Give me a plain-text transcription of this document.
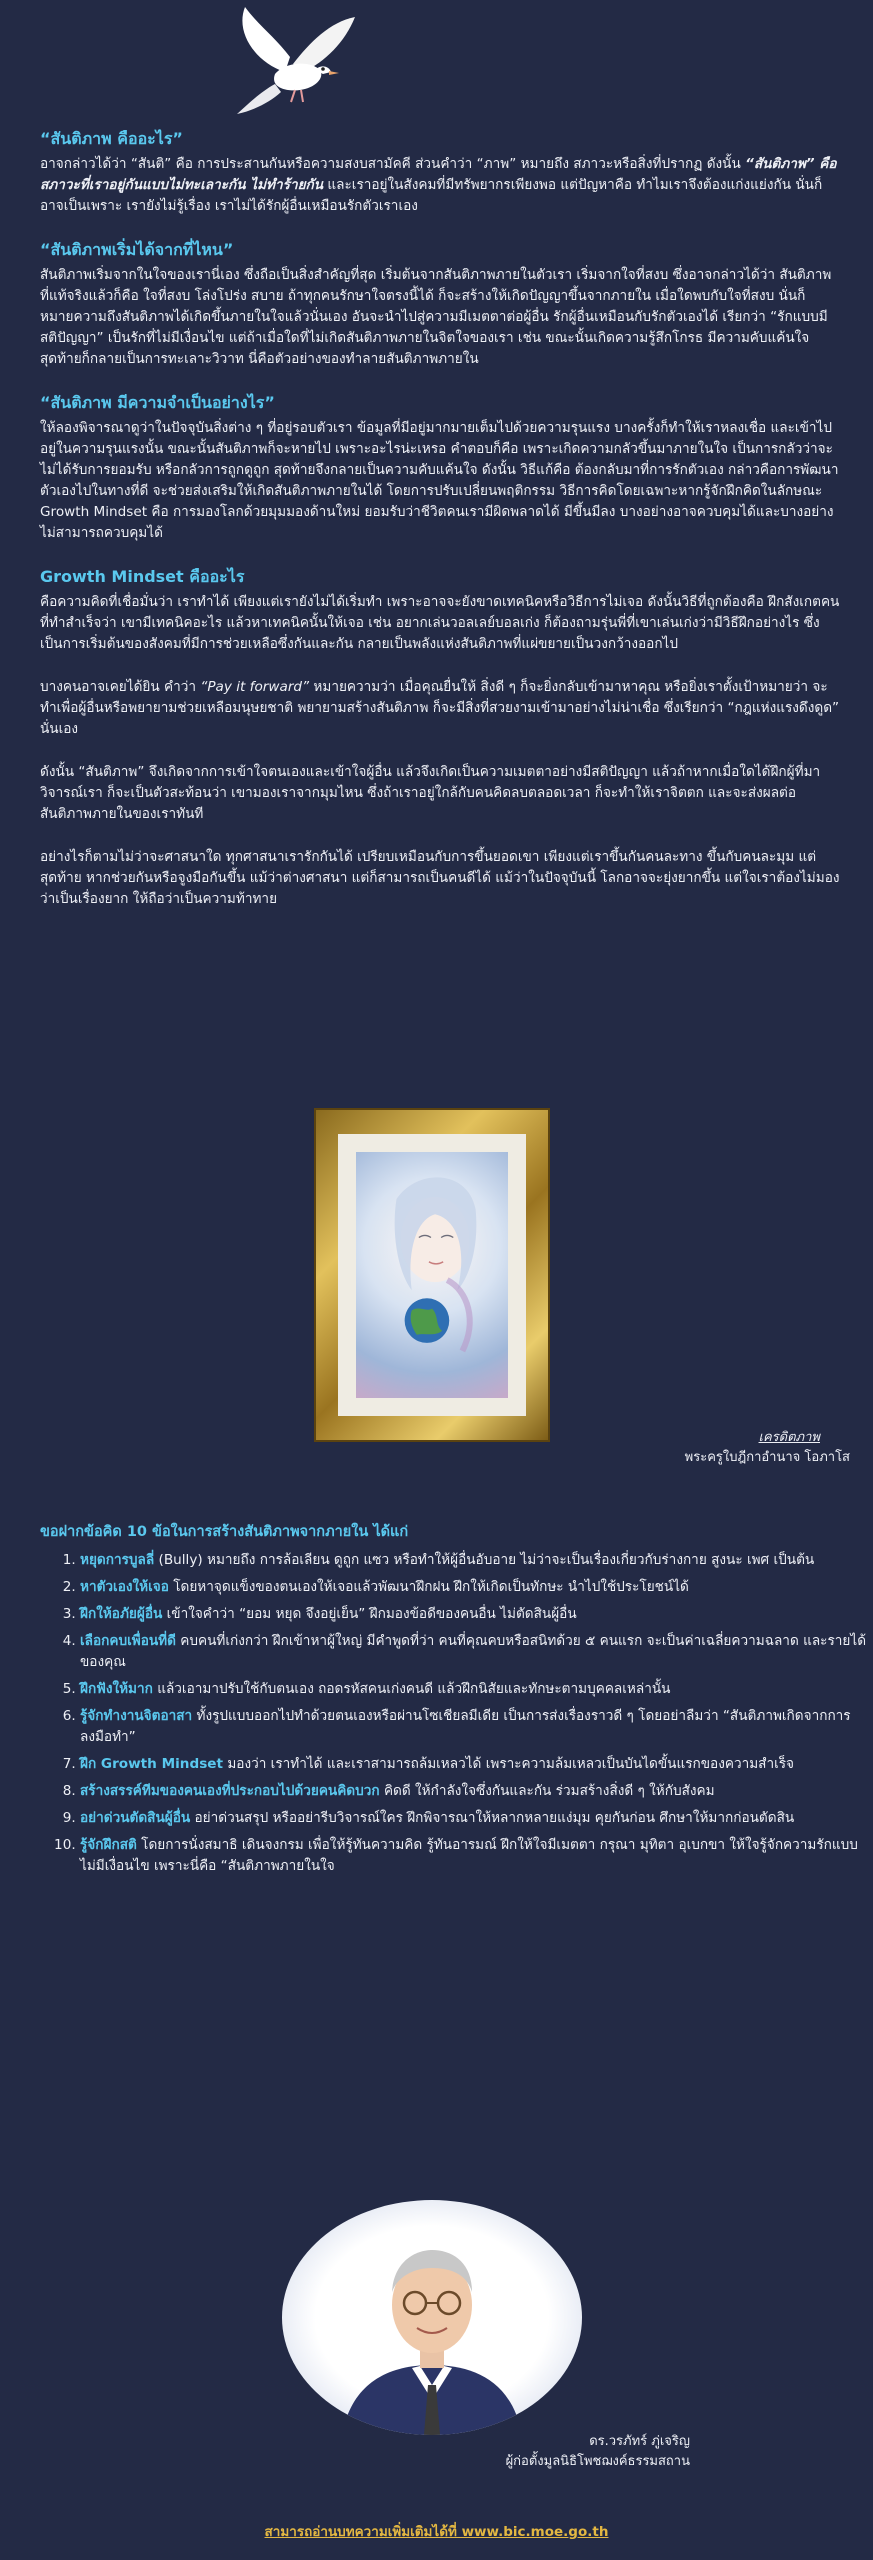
“สันติภาพ คืออะไร”

อาจกล่าวได้ว่า “สันติ” คือ การประสานกันหรือความสงบสามัคคี ส่วนคำว่า “ภาพ” หมายถึง สภาวะหรือสิ่งที่ปรากฏ ดังนั้น “สันติภาพ” คือ สภาวะที่เราอยู่กันแบบไม่ทะเลาะกัน ไม่ทำร้ายกัน และเราอยู่ในสังคมที่มีทรัพยากรเพียงพอ แต่ปัญหาคือ ทำไมเราจึงต้องแก่งแย่งกัน นั่นก็อาจเป็นเพราะ เรายังไม่รู้เรื่อง เราไม่ได้รักผู้อื่นเหมือนรักตัวเราเอง

“สันติภาพเริ่มได้จากที่ไหน”

สันติภาพเริ่มจากในใจของเรานี่เอง ซึ่งถือเป็นสิ่งสำคัญที่สุด เริ่มต้นจากสันติภาพภายในตัวเรา เริ่มจากใจที่สงบ ซึ่งอาจกล่าวได้ว่า สันติภาพที่แท้จริงแล้วก็คือ ใจที่สงบ โล่งโปร่ง สบาย ถ้าทุกคนรักษาใจตรงนี้ได้ ก็จะสร้างให้เกิดปัญญาขึ้นจากภายใน เมื่อใดพบกับใจที่สงบ นั่นก็หมายความถึงสันติภาพได้เกิดขึ้นภายในใจแล้วนั่นเอง อันจะนำไปสู่ความมีเมตตาต่อผู้อื่น รักผู้อื่นเหมือนกับรักตัวเองได้ เรียกว่า “รักแบบมีสติปัญญา” เป็นรักที่ไม่มีเงื่อนไข แต่ถ้าเมื่อใดที่ไม่เกิดสันติภาพภายในจิตใจของเรา เช่น ขณะนั้นเกิดความรู้สึกโกรธ มีความคับแค้นใจ สุดท้ายก็กลายเป็นการทะเลาะวิวาท นี่คือตัวอย่างของทำลายสันติภาพภายใน

“สันติภาพ มีความจำเป็นอย่างไร”

ให้ลองพิจารณาดูว่าในปัจจุบันสิ่งต่าง ๆ ที่อยู่รอบตัวเรา ข้อมูลที่มีอยู่มากมายเต็มไปด้วยความรุนแรง บางครั้งก็ทำให้เราหลงเชื่อ และเข้าไปอยู่ในความรุนแรงนั้น ขณะนั้นสันติภาพก็จะหายไป เพราะอะไรน่ะเหรอ คำตอบก็คือ เพราะเกิดความกลัวขึ้นมาภายในใจ เป็นการกลัวว่าจะไม่ได้รับการยอมรับ หรือกลัวการถูกดูถูก สุดท้ายจึงกลายเป็นความคับแค้นใจ ดังนั้น วิธีแก้คือ ต้องกลับมาที่การรักตัวเอง กล่าวคือการพัฒนาตัวเองไปในทางที่ดี จะช่วยส่งเสริมให้เกิดสันติภาพภายในได้ โดยการปรับเปลี่ยนพฤติกรรม วิธีการคิดโดยเฉพาะหากรู้จักฝึกคิดในลักษณะ Growth Mindset คือ การมองโลกด้วยมุมมองด้านใหม่ ยอมรับว่าชีวิตคนเรามีผิดพลาดได้ มีขึ้นมีลง บางอย่างอาจควบคุมได้และบางอย่างไม่สามารถควบคุมได้

Growth Mindset คืออะไร

คือความคิดที่เชื่อมั่นว่า เราทำได้ เพียงแต่เรายังไม่ได้เริ่มทำ เพราะอาจจะยังขาดเทคนิคหรือวิธีการไม่เจอ ดังนั้นวิธีที่ถูกต้องคือ ฝึกสังเกตคนที่ทำสำเร็จว่า เขามีเทคนิคอะไร แล้วหาเทคนิคนั้นให้เจอ เช่น อยากเล่นวอลเลย์บอลเก่ง ก็ต้องถามรุ่นพี่ที่เขาเล่นเก่งว่ามีวิธีฝึกอย่างไร ซึ่งเป็นการเริ่มต้นของสังคมที่มีการช่วยเหลือซึ่งกันและกัน กลายเป็นพลังแห่งสันติภาพที่แผ่ขยายเป็นวงกว้างออกไป

บางคนอาจเคยได้ยิน คำว่า “Pay it forward” หมายความว่า เมื่อคุณยื่นให้ สิ่งดี ๆ ก็จะยิ่งกลับเข้ามาหาคุณ หรือยิ่งเราตั้งเป้าหมายว่า จะทำเพื่อผู้อื่นหรือพยายามช่วยเหลือมนุษยชาติ พยายามสร้างสันติภาพ ก็จะมีสิ่งที่สวยงามเข้ามาอย่างไม่น่าเชื่อ ซึ่งเรียกว่า “กฎแห่งแรงดึงดูด” นั่นเอง

ดังนั้น “สันติภาพ” จึงเกิดจากการเข้าใจตนเองและเข้าใจผู้อื่น แล้วจึงเกิดเป็นความเมตตาอย่างมีสติปัญญา แล้วถ้าหากเมื่อใดได้ฝึกผู้ที่มาวิจารณ์เรา ก็จะเป็นตัวสะท้อนว่า เขามองเราจากมุมไหน ซึ่งถ้าเราอยู่ใกล้กับคนคิดลบตลอดเวลา ก็จะทำให้เราจิตตก และจะส่งผลต่อสันติภาพภายในของเราทันที

อย่างไรก็ตามไม่ว่าจะศาสนาใด ทุกศาสนาเรารักกันได้ เปรียบเหมือนกับการขึ้นยอดเขา เพียงแต่เราขึ้นกันคนละทาง ขึ้นกับคนละมุม แต่สุดท้าย หากช่วยกันหรือจูงมือกันขึ้น แม้ว่าต่างศาสนา แต่ก็สามารถเป็นคนดีได้ แม้ว่าในปัจจุบันนี้ โลกอาจจะยุ่งยากขึ้น แต่ใจเราต้องไม่มองว่าเป็นเรื่องยาก ให้ถือว่าเป็นความท้าทาย

เครดิตภาพ
พระครูใบฎีกาอำนาจ โอภาโส
ขอฝากข้อคิด 10 ข้อในการสร้างสันติภาพจากภายใน ได้แก่
1. หยุดการบูลลี่ (Bully) หมายถึง การล้อเลียน ดูถูก แซว หรือทำให้ผู้อื่นอับอาย ไม่ว่าจะเป็นเรื่องเกี่ยวกับร่างกาย สูงนะ เพศ เป็นต้น
2. หาตัวเองให้เจอ โดยหาจุดแข็งของตนเองให้เจอแล้วพัฒนาฝึกฝน ฝึกให้เกิดเป็นทักษะ นำไปใช้ประโยชน์ได้
3. ฝึกให้อภัยผู้อื่น เข้าใจคำว่า “ยอม หยุด จึงอยู่เย็น” ฝึกมองข้อดีของคนอื่น ไม่ตัดสินผู้อื่น
4. เลือกคบเพื่อนที่ดี คบคนที่เก่งกว่า ฝึกเข้าหาผู้ใหญ่ มีคำพูดที่ว่า คนที่คุณคบหรือสนิทด้วย ๕ คนแรก จะเป็นค่าเฉลี่ยความฉลาด และรายได้ของคุณ
5. ฝึกฟังให้มาก แล้วเอามาปรับใช้กับตนเอง ถอดรหัสคนเก่งคนดี แล้วฝึกนิสัยและทักษะตามบุคคลเหล่านั้น
6. รู้จักทำงานจิตอาสา ทั้งรูปแบบออกไปทำด้วยตนเองหรือผ่านโซเชียลมีเดีย เป็นการส่งเรื่องราวดี ๆ โดยอย่าลืมว่า “สันติภาพเกิดจากการลงมือทำ”
7. ฝึก Growth Mindset มองว่า เราทำได้ และเราสามารถล้มเหลวได้ เพราะความล้มเหลวเป็นบันไดขั้นแรกของความสำเร็จ
8. สร้างสรรค์ทีมของคนเองที่ประกอบไปด้วยคนคิดบวก คิดดี ให้กำลังใจซึ่งกันและกัน ร่วมสร้างสิ่งดี ๆ ให้กับสังคม
9. อย่าด่วนตัดสินผู้อื่น อย่าด่วนสรุป หรืออย่ารีบวิจารณ์ใคร ฝึกพิจารณาให้หลากหลายแง่มุม คุยกันก่อน ศึกษาให้มากก่อนตัดสิน
10. รู้จักฝึกสติ โดยการนั่งสมาธิ เดินจงกรม เพื่อให้รู้ทันความคิด รู้ทันอารมณ์ ฝึกให้ใจมีเมตตา กรุณา มุทิตา อุเบกขา ให้ใจรู้จักความรักแบบไม่มีเงื่อนไข เพราะนี่คือ “สันติภาพภายในใจ
ดร.วรภัทร์ ภู่เจริญ
ผู้ก่อตั้งมูลนิธิโพชฌงค์ธรรมสถาน
สามารถอ่านบทความเพิ่มเติมได้ที่ www.bic.moe.go.th
